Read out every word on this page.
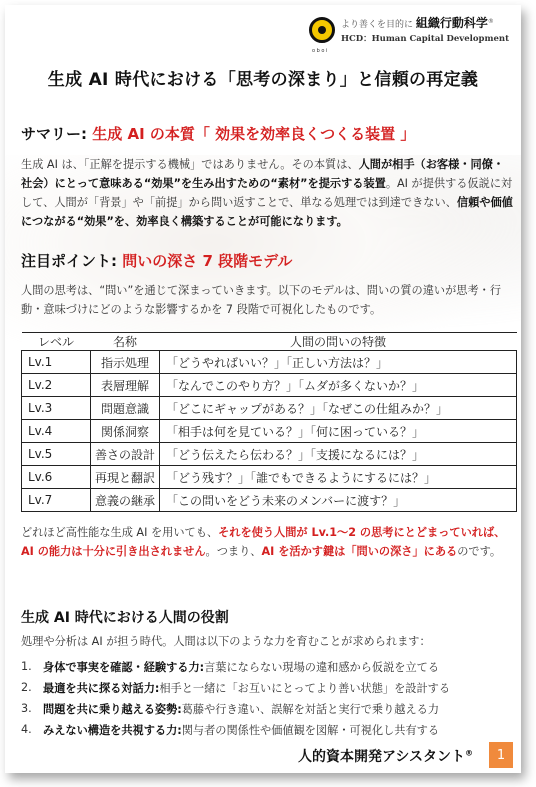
o b o i
より善くを目的に 組織行動科学®
HCD：Human Capital Development
生成 AI 時代における「思考の深まり」と信頼の再定義
サマリー: 生成 AI の本質「 効果を効率良くつくる装置 」
生成 AI は、「正解を提示する機械」ではありません。その本質は、人間が相手（お客様・同僚・社会）にとって意味ある“効果”を生み出すための“素材”を提示する装置。AI が提供する仮説に対して、人間が「背景」や「前提」から問い返すことで、単なる処理では到達できない、信頼や価値につながる“効果”を、効率良く構築することが可能になります。
注目ポイント: 問いの深さ 7 段階モデル
人間の思考は、“問い”を通じて深まっていきます。以下のモデルは、問いの質の違いが思考・行動・意味づけにどのような影響するかを 7 段階で可視化したものです。
レベル	名称	人間の問いの特徴
Lv.1	指示処理	「どうやればいい？」「正しい方法は？」
Lv.2	表層理解	「なんでこのやり方？」「ムダが多くないか？」
Lv.3	問題意識	「どこにギャップがある？」「なぜこの仕組みか？」
Lv.4	関係洞察	「相手は何を見ている？」「何に困っている？」
Lv.5	善さの設計	「どう伝えたら伝わる？」「支援になるには？」
Lv.6	再現と翻訳	「どう残す？」「誰でもできるようにするには？」
Lv.7	意義の継承	「この問いをどう未来のメンバーに渡す？」
どれほど高性能な生成 AI を用いても、それを使う人間が Lv.1～2 の思考にとどまっていれば、AI の能力は十分に引き出されません。つまり、AI を活かす鍵は「問いの深さ」にあるのです。
生成 AI 時代における人間の役割
処理や分析は AI が担う時代。人間は以下のような力を育むことが求められます：
1.	身体で事実を確認・経験する力: 言葉にならない現場の違和感から仮説を立てる
2.	最適を共に探る対話力: 相手と一緒に「お互いにとってより善い状態」を設計する
3.	問題を共に乗り越える姿勢: 葛藤や行き違い、誤解を対話と実行で乗り越える力
4.	みえない構造を共視する力: 関与者の関係性や価値観を図解・可視化し共有する
人的資本開発アシスタント®	1
